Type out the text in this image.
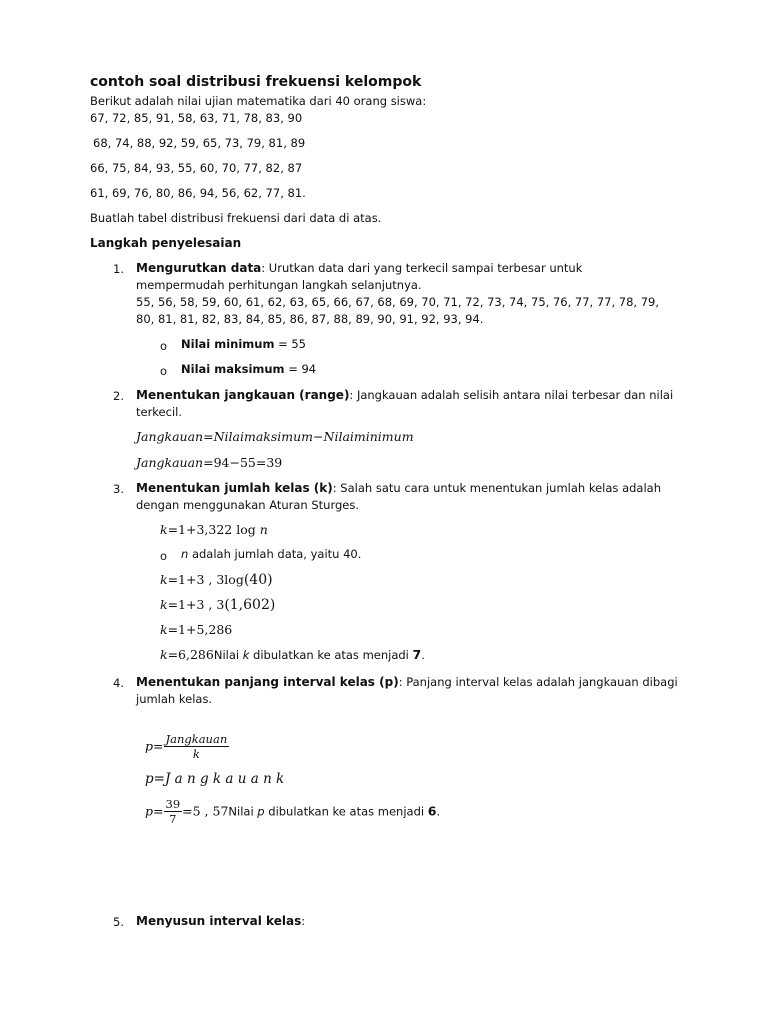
contoh soal distribusi frekuensi kelompok
Berikut adalah nilai ujian matematika dari 40 orang siswa:
67, 72, 85, 91, 58, 63, 71, 78, 83, 90
68, 74, 88, 92, 59, 65, 73, 79, 81, 89
66, 75, 84, 93, 55, 60, 70, 77, 82, 87
61, 69, 76, 80, 86, 94, 56, 62, 77, 81.
Buatlah tabel distribusi frekuensi dari data di atas.
Langkah penyelesaian
1. Mengurutkan data: Urutkan data dari yang terkecil sampai terbesar untuk
mempermudah perhitungan langkah selanjutnya.
55, 56, 58, 59, 60, 61, 62, 63, 65, 66, 67, 68, 69, 70, 71, 72, 73, 74, 75, 76, 77, 77, 78, 79,
80, 81, 81, 82, 83, 84, 85, 86, 87, 88, 89, 90, 91, 92, 93, 94.
o Nilai minimum = 55
o Nilai maksimum = 94
2. Menentukan jangkauan (range): Jangkauan adalah selisih antara nilai terbesar dan nilai
terkecil.
Jangkauan=Nilaimaksimum−Nilaiminimum
Jangkauan=94−55=39
3. Menentukan jumlah kelas (k): Salah satu cara untuk menentukan jumlah kelas adalah
dengan menggunakan Aturan Sturges.
k=1+3,322 log n
o n adalah jumlah data, yaitu 40.
k=1+3 , 3log(40)
k=1+3 , 3(1,602)
k=1+5,286
k=6,286Nilai k dibulatkan ke atas menjadi 7.
4. Menentukan panjang interval kelas (p): Panjang interval kelas adalah jangkauan dibagi
jumlah kelas.
$p= \frac{\text{Jangkauan}}{k}$
p=J a n g k a u a n k
$p= \frac{39}{7} =5$ , 57Nilai p dibulatkan ke atas menjadi 6.
5. Menyusun interval kelas:
